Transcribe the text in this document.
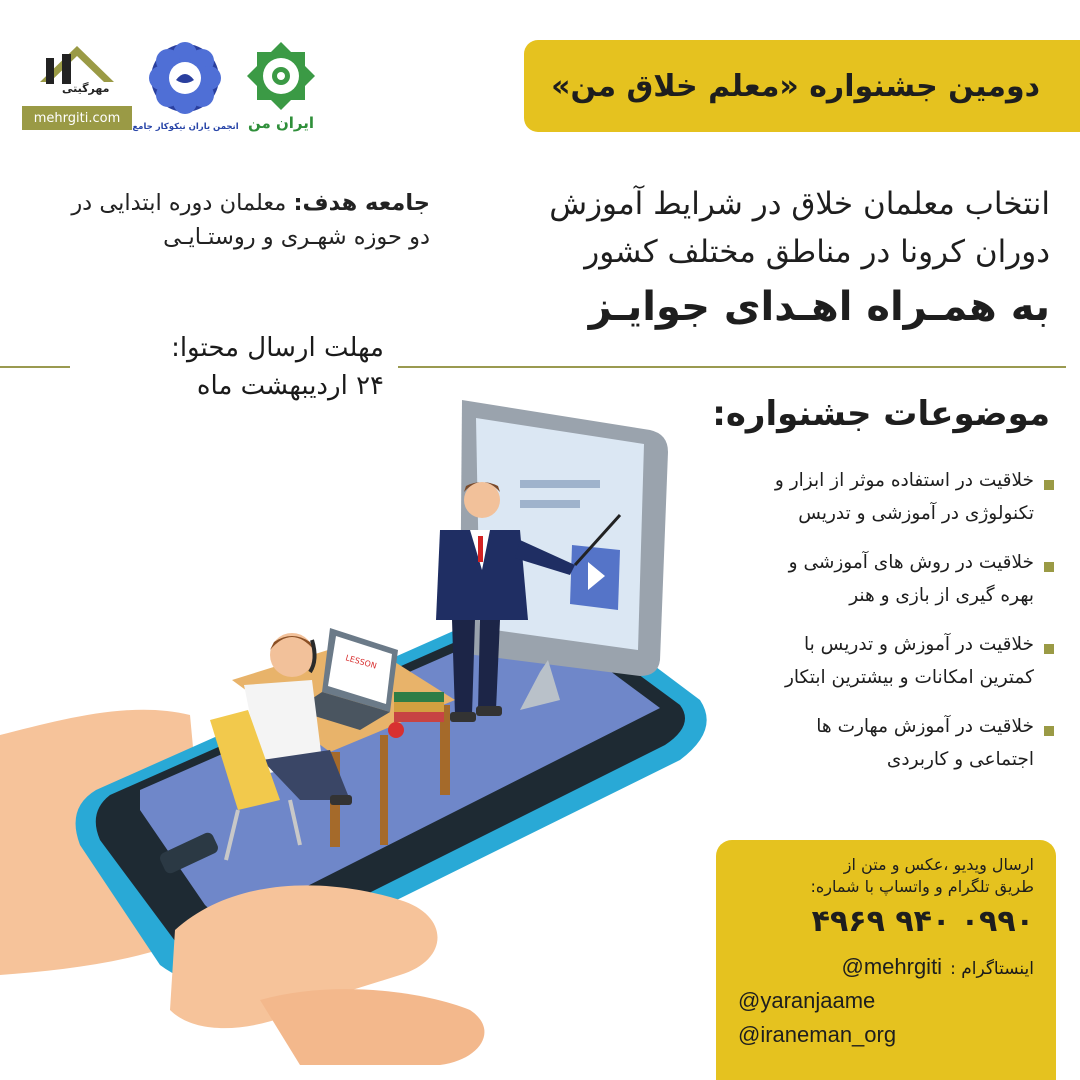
دومین جشنواره «معلم خلاق من»
مهرگیتی
mehrgiti.com
انجمن یاران نیکوکار جامع ایران من
انتخاب معلمان خلاق در شرایط آموزش
دوران کرونا در مناطق مختلف کشور
به همـراه اهـدای جوایـز
جامعه هدف: معلمان دوره ابتدایی در
دو حوزه شهـری و روستـایـی
مهلت ارسال محتوا:
۲۴ اردیبهشت ماه
LESSON
موضوعات جشنواره:
خلاقیت در استفاده موثر از ابزار و
تکنولوژی در آموزشی و تدریس
خلاقیت در روش های آموزشی و
بهره گیری از بازی و هنر
خلاقیت در آموزش و تدریس با
کمترین امکانات و بیشترین ابتکار
خلاقیت در آموزش مهارت ها
اجتماعی و کاربردی
ارسال ویدیو ،عکس و متن از
طریق تلگرام و واتساپ با شماره:
۰۹۹۰ ۹۴۰ ۴۹۶۹
@mehrgiti اینستاگرام :
@yaranjaame
@iraneman_org
